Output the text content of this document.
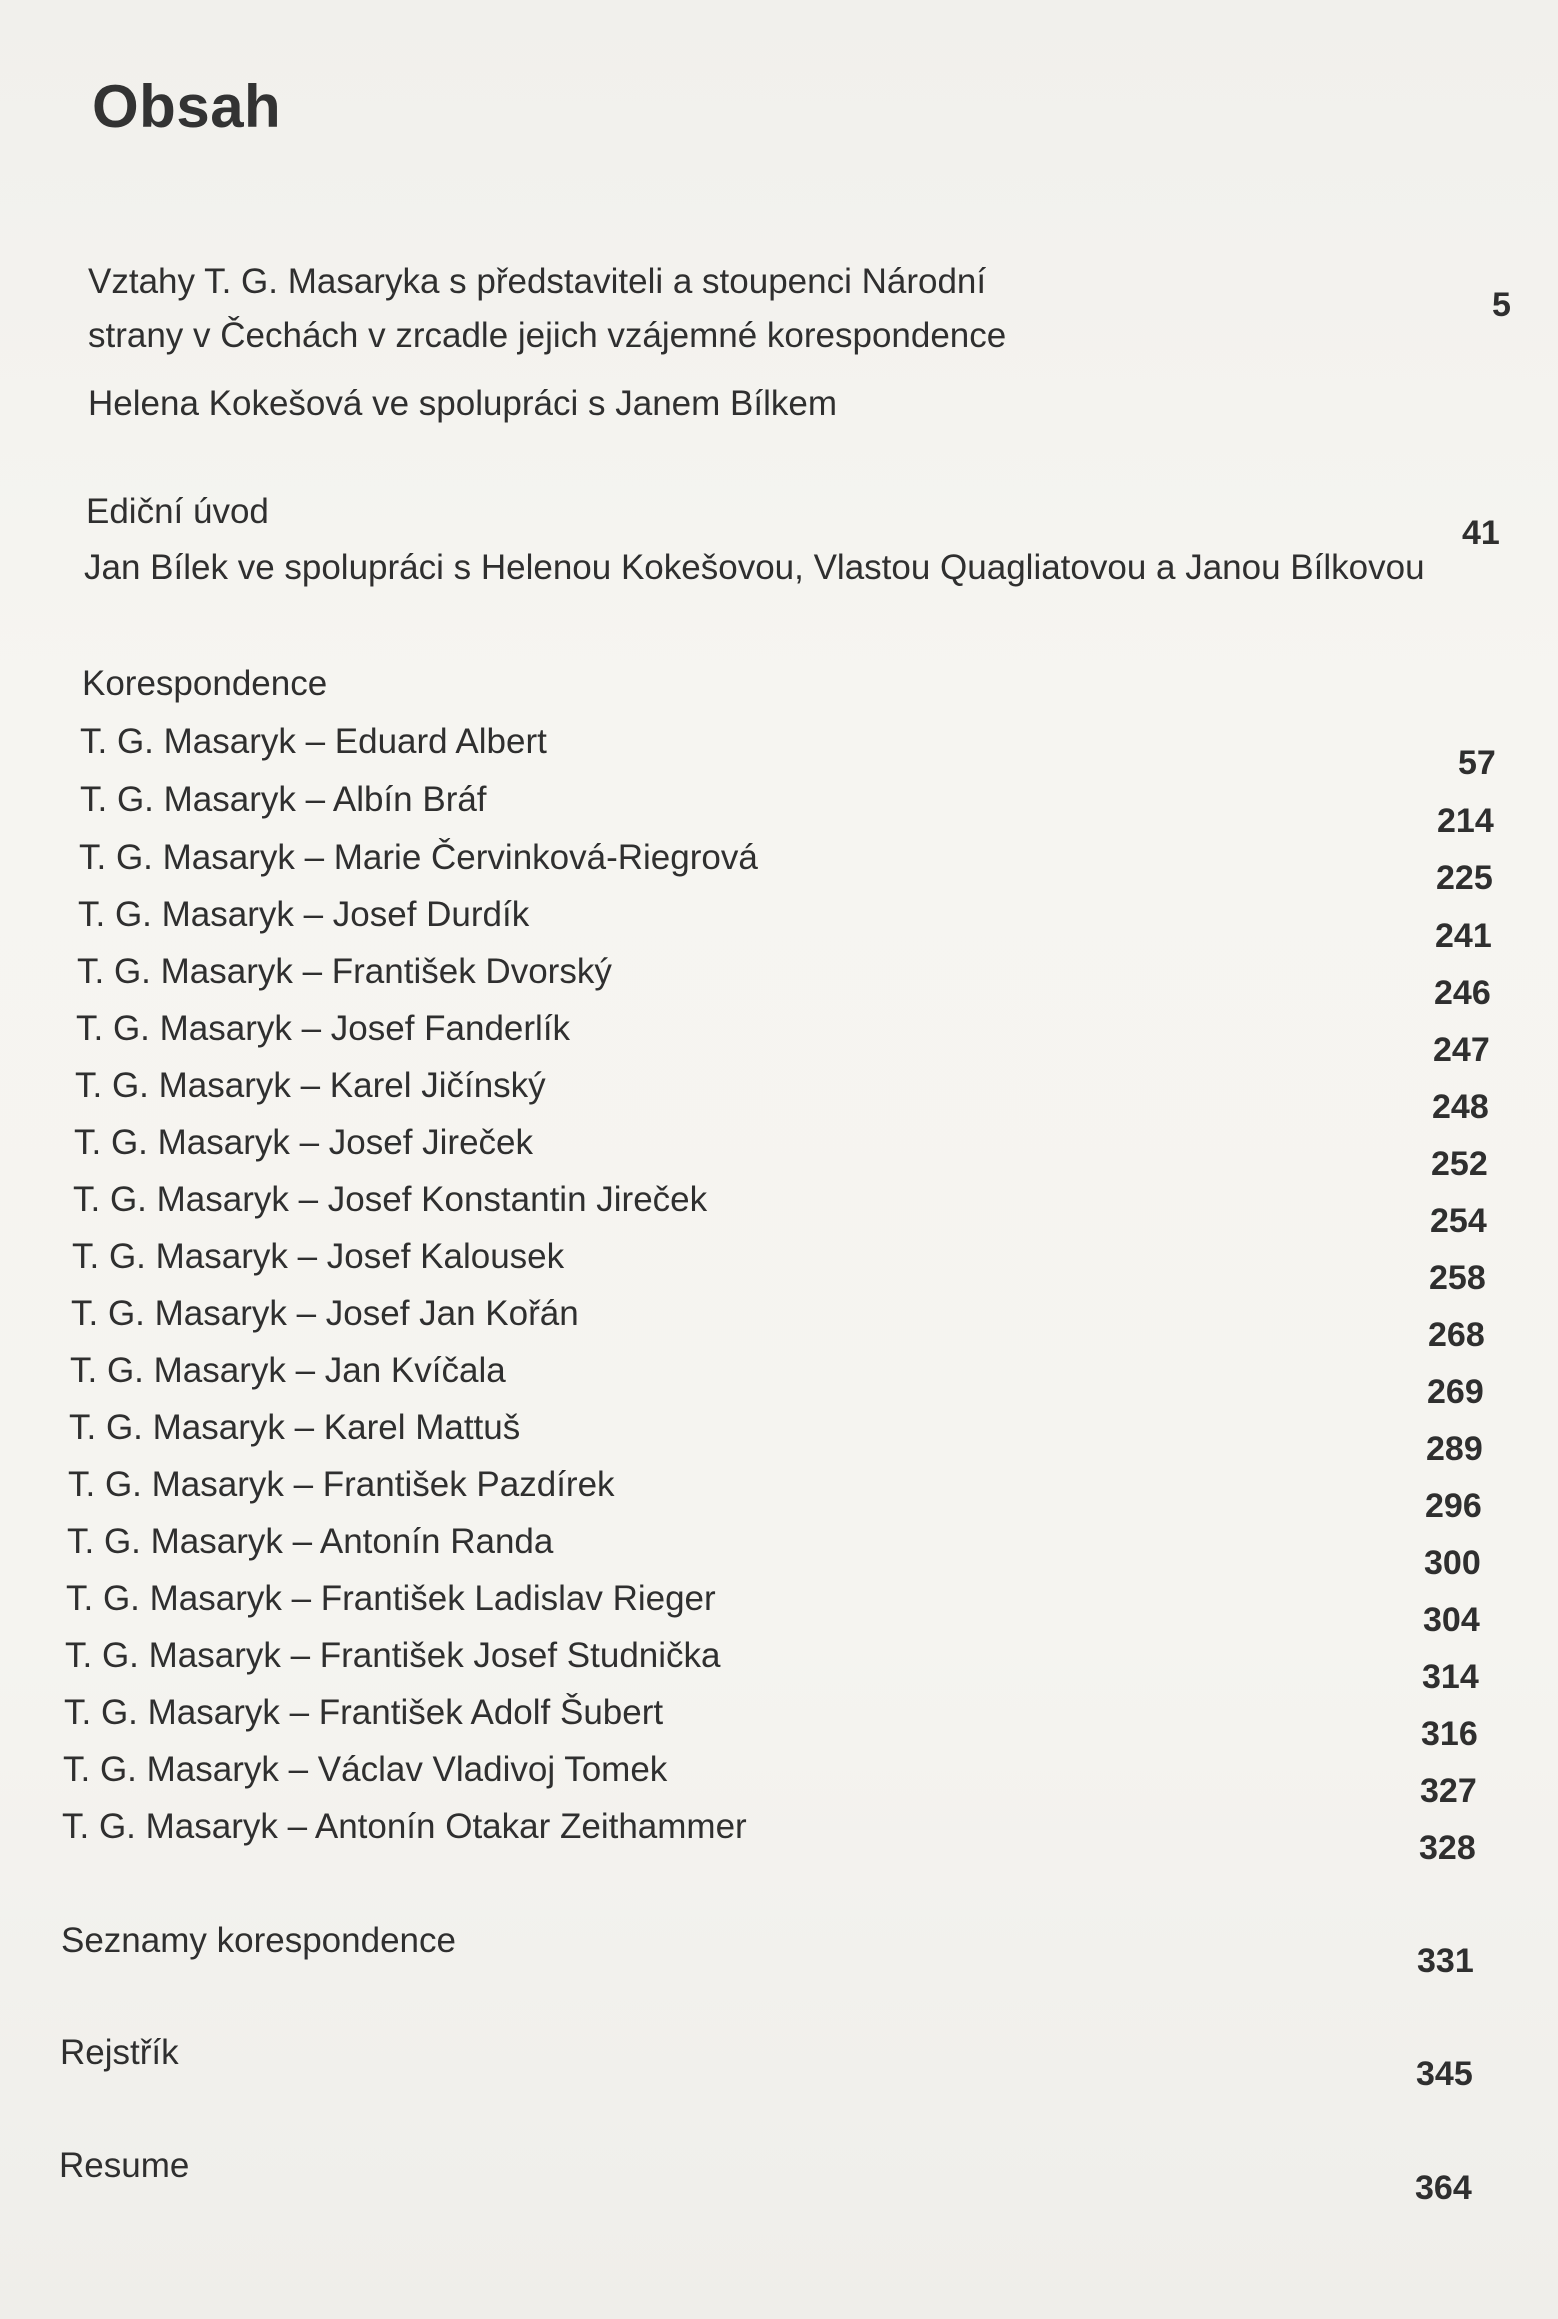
Obsah
Vztahy T. G. Masaryka s představiteli a stoupenci Národní
strany v Čechách v zrcadle jejich vzájemné korespondence
Helena Kokešová ve spolupráci s Janem Bílkem
5
Ediční úvod
Jan Bílek ve spolupráci s Helenou Kokešovou, Vlastou Quagliatovou a Janou Bílkovou
41
Korespondence
T. G. Masaryk – Eduard Albert
57
T. G. Masaryk – Albín Bráf
214
T. G. Masaryk – Marie Červinková-Riegrová
225
T. G. Masaryk – Josef Durdík
241
T. G. Masaryk – František Dvorský
246
T. G. Masaryk – Josef Fanderlík
247
T. G. Masaryk – Karel Jičínský
248
T. G. Masaryk – Josef Jireček
252
T. G. Masaryk – Josef Konstantin Jireček
254
T. G. Masaryk – Josef Kalousek
258
T. G. Masaryk – Josef Jan Kořán
268
T. G. Masaryk – Jan Kvíčala
269
T. G. Masaryk – Karel Mattuš
289
T. G. Masaryk – František Pazdírek
296
T. G. Masaryk – Antonín Randa
300
T. G. Masaryk – František Ladislav Rieger
304
T. G. Masaryk – František Josef Studnička
314
T. G. Masaryk – František Adolf Šubert
316
T. G. Masaryk – Václav Vladivoj Tomek
327
T. G. Masaryk – Antonín Otakar Zeithammer
328
Seznamy korespondence
331
Rejstřík
345
Resume
364
